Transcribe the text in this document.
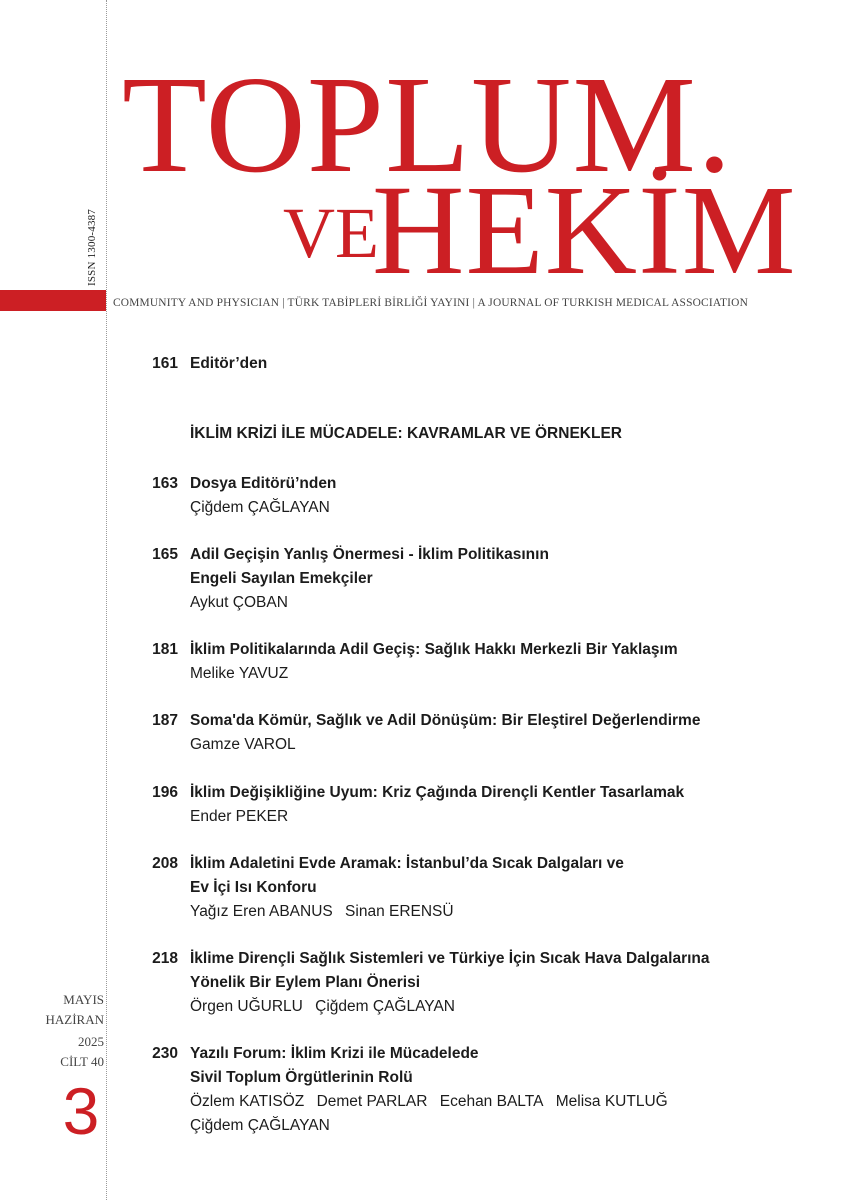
ISSN 1300-4387
TOPLUM.
VE
HEKİM
COMMUNITY AND PHYSICIAN | TÜRK TABİPLERİ BİRLİĞİ YAYINI | A JOURNAL OF TURKISH MEDICAL ASSOCIATION
161 Editör’den
İKLİM KRİZİ İLE MÜCADELE: KAVRAMLAR VE ÖRNEKLER
163 Dosya Editörü’nden
Çiğdem ÇAĞLAYAN
165 Adil Geçişin Yanlış Önermesi - İklim Politikasının
Engeli Sayılan Emekçiler
Aykut ÇOBAN
181 İklim Politikalarında Adil Geçiş: Sağlık Hakkı Merkezli Bir Yaklaşım
Melike YAVUZ
187 Soma'da Kömür, Sağlık ve Adil Dönüşüm: Bir Eleştirel Değerlendirme
Gamze VAROL
196 İklim Değişikliğine Uyum: Kriz Çağında Dirençli Kentler Tasarlamak
Ender PEKER
208 İklim Adaletini Evde Aramak: İstanbul’da Sıcak Dalgaları ve
Ev İçi Isı Konforu
Yağız Eren ABANUS Sinan ERENSÜ
218 İklime Dirençli Sağlık Sistemleri ve Türkiye İçin Sıcak Hava Dalgalarına
Yönelik Bir Eylem Planı Önerisi
Örgen UĞURLU Çiğdem ÇAĞLAYAN
230 Yazılı Forum: İklim Krizi ile Mücadelede
Sivil Toplum Örgütlerinin Rolü
Özlem KATISÖZ Demet PARLAR Ecehan BALTA Melisa KUTLUĞ
Çiğdem ÇAĞLAYAN
MAYIS
HAZİRAN
2025
CİLT 40
3
